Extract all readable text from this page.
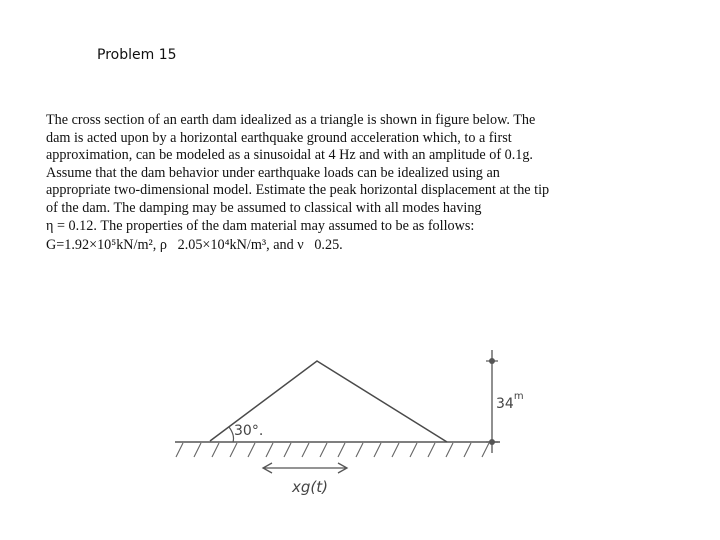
Problem 15
The cross section of an earth dam idealized as a triangle is shown in figure below. The
dam is acted upon by a horizontal earthquake ground acceleration which, to a first
approximation, can be modeled as a sinusoidal at 4 Hz and with an amplitude of 0.1g.
Assume that the dam behavior under earthquake loads can be idealized using an
appropriate two-dimensional model. Estimate the peak horizontal displacement at the tip
of the dam. The damping may be assumed to classical with all modes having
η = 0.12. The properties of the dam material may assumed to be as follows:
G=1.92×10⁵kN/m², ρ   2.05×10⁴kN/m³, and ν   0.25.
30°.
34$^m$
xg(t)
